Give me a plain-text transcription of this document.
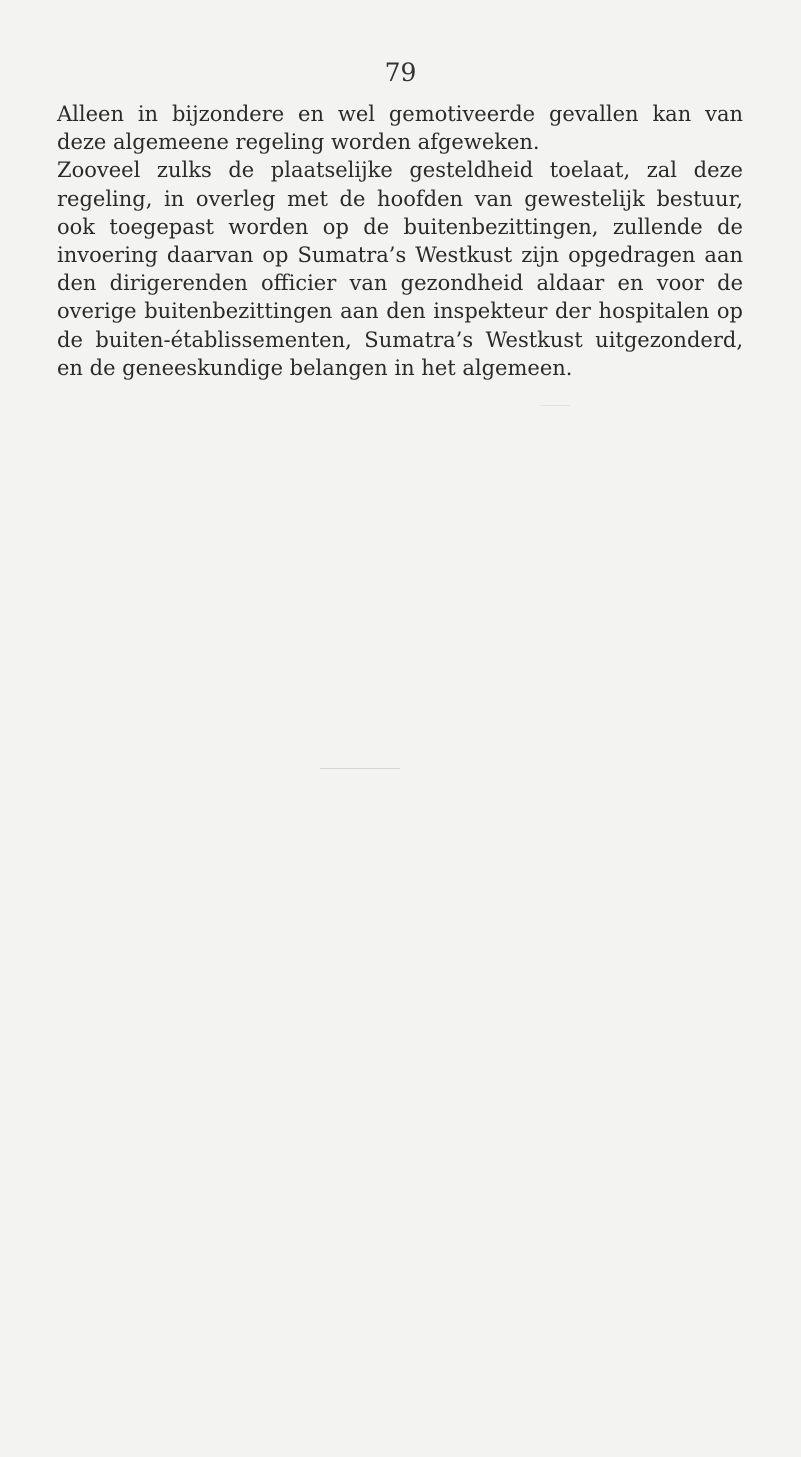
79

Alleen in bijzondere en wel gemotiveerde gevallen kan van
deze algemeene regeling worden afgeweken.

Zooveel zulks de plaatselijke gesteldheid toelaat, zal deze
regeling, in overleg met de hoofden van gewestelijk bestuur,
ook toegepast worden op de buitenbezittingen, zullende de
invoering daarvan op Sumatra’s Westkust zijn opgedragen aan
den dirigerenden officier van gezondheid aldaar en voor de
overige buitenbezittingen aan den inspekteur der hospitalen op
de buiten-établissementen, Sumatra’s Westkust uitgezonderd,
en de geneeskundige belangen in het algemeen.
